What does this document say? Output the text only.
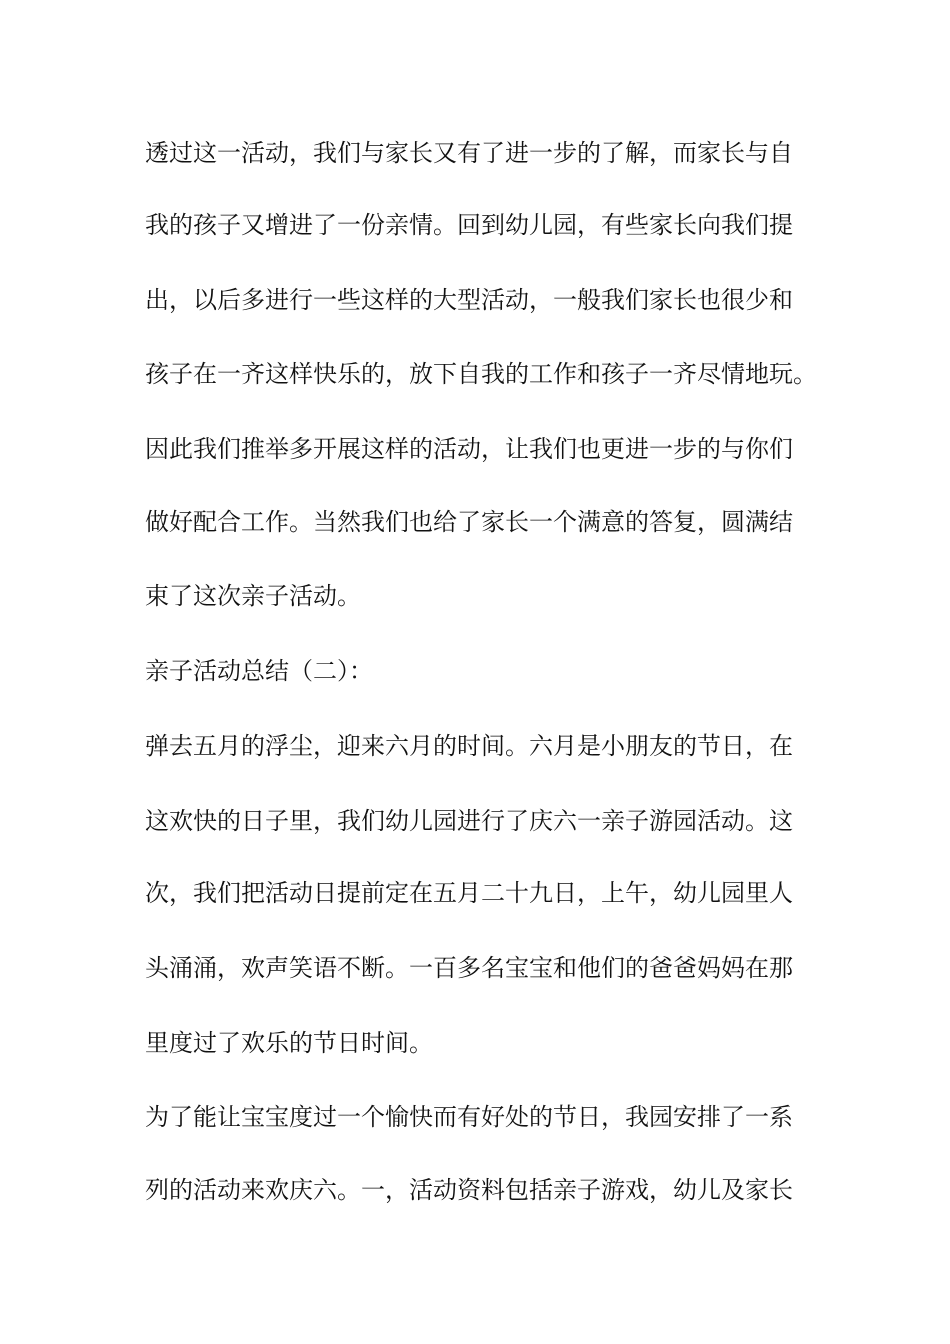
透过这一活动，我们与家长又有了进一步的了解，而家长与自
我的孩子又增进了一份亲情。回到幼儿园，有些家长向我们提
出，以后多进行一些这样的大型活动，一般我们家长也很少和
孩子在一齐这样快乐的，放下自我的工作和孩子一齐尽情地玩。
因此我们推举多开展这样的活动，让我们也更进一步的与你们
做好配合工作。当然我们也给了家长一个满意的答复，圆满结
束了这次亲子活动。
亲子活动总结（二）：
弹去五月的浮尘，迎来六月的时间。六月是小朋友的节日，在
这欢快的日子里，我们幼儿园进行了庆六一亲子游园活动。这
次，我们把活动日提前定在五月二十九日，上午，幼儿园里人
头涌涌，欢声笑语不断。一百多名宝宝和他们的爸爸妈妈在那
里度过了欢乐的节日时间。
为了能让宝宝度过一个愉快而有好处的节日，我园安排了一系
列的活动来欢庆六。一，活动资料包括亲子游戏，幼儿及家长
